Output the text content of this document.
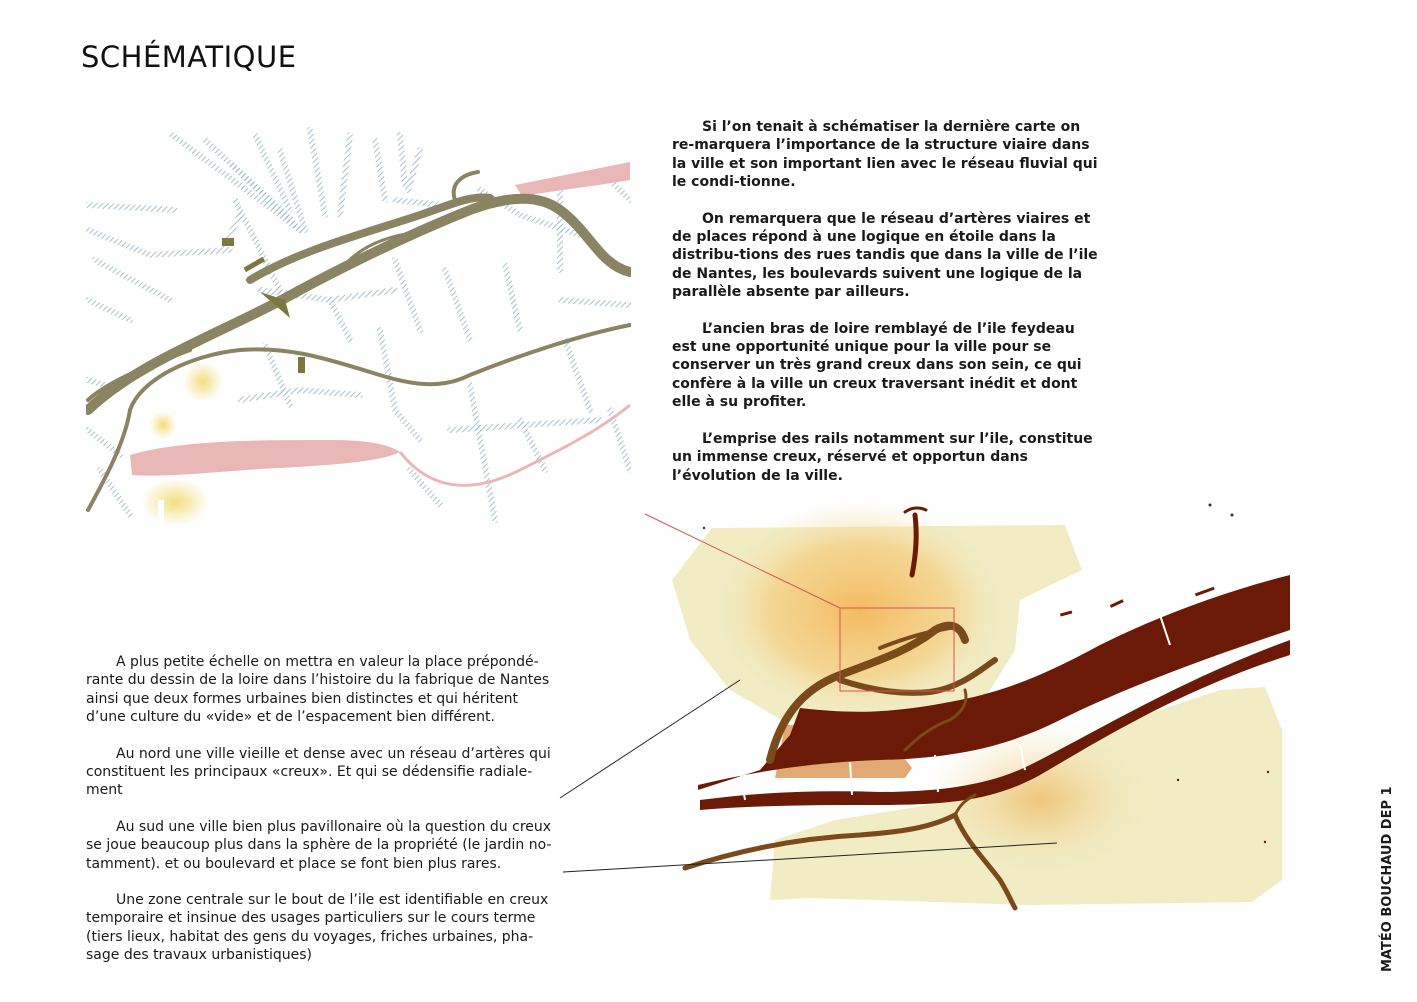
SCHÉMATIQUE

Si l’on tenait à schématiser la dernière carte on re-marquera l’importance de la structure viaire dans la ville et son important lien avec le réseau fluvial qui le condi-tionne.

On remarquera que le réseau d’artères viaires et de places répond à une logique en étoile dans la distribu-tions des rues tandis que dans la ville de l’ile de Nantes, les boulevards suivent une logique de la parallèle absente par ailleurs.

L’ancien bras de loire remblayé de l’ile feydeau est une opportunité unique pour la ville pour se conserver un très grand creux dans son sein, ce qui confère à la ville un creux traversant inédit et dont elle à su profiter.

L’emprise des rails notamment sur l’ile, constitue un immense creux, réservé et opportun dans l’évolution de la ville.

A plus petite échelle on mettra en valeur la place prépondé-rante du dessin de la loire dans l’histoire du la fabrique de Nantes ainsi que deux formes urbaines bien distinctes et qui héritent d’une culture du «vide» et de l’espacement bien différent.

Au nord une ville vieille et dense avec un réseau d’artères qui constituent les principaux «creux». Et qui se dédensifie radiale-ment

Au sud une ville bien plus pavillonaire où la question du creux se joue beaucoup plus dans la sphère de la propriété (le jardin no-tamment). et ou boulevard et place se font bien plus rares.

Une zone centrale sur le bout de l’ile est identifiable en creux temporaire et insinue des usages particuliers sur le cours terme (tiers lieux, habitat des gens du voyages, friches urbaines, pha-sage des travaux urbanistiques)	MATÉO BOUCHAUD DEP 1
